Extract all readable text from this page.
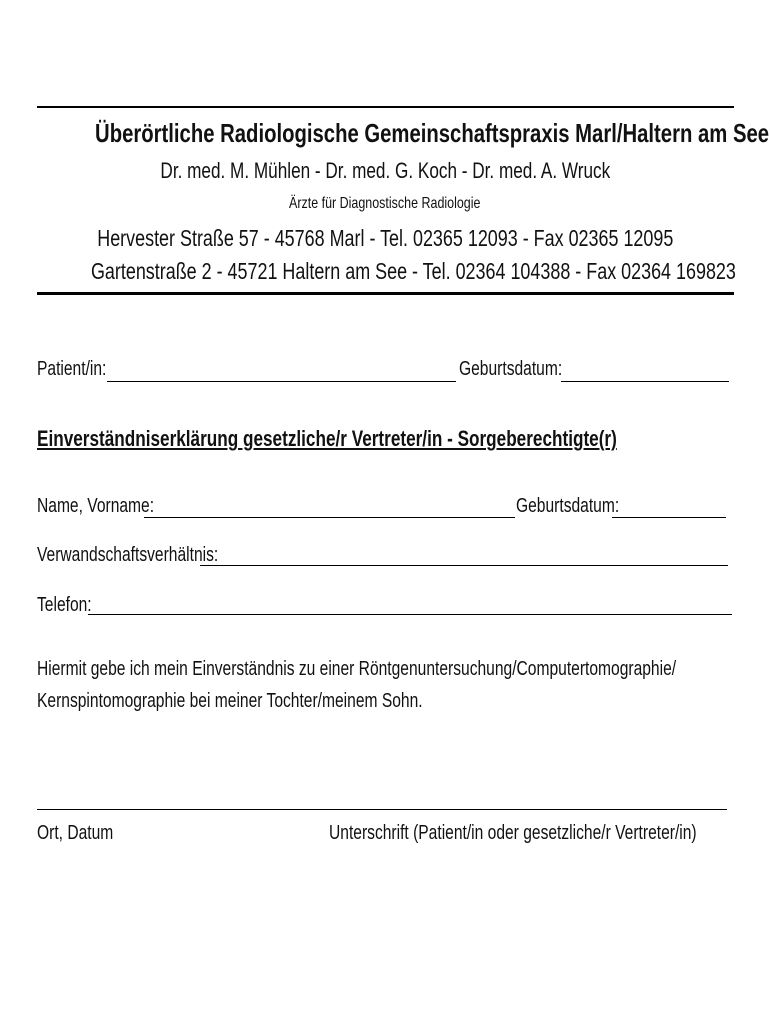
Überörtliche Radiologische Gemeinschaftspraxis Marl/Haltern am See
Dr. med. M. Mühlen - Dr. med. G. Koch - Dr. med. A. Wruck
Ärzte für Diagnostische Radiologie
Hervester Straße 57 - 45768 Marl - Tel. 02365 12093 - Fax 02365 12095
Gartenstraße 2 - 45721 Haltern am See - Tel. 02364 104388 - Fax 02364 169823
Patient/in:	Geburtsdatum:
Einverständniserklärung gesetzliche/r Vertreter/in - Sorgeberechtigte(r)
Name, Vorname:	Geburtsdatum:
Verwandschaftsverhältnis:
Telefon:
Hiermit gebe ich mein Einverständnis zu einer Röntgenuntersuchung/Computertomographie/
Kernspintomographie bei meiner Tochter/meinem Sohn.
Ort, Datum	Unterschrift (Patient/in oder gesetzliche/r Vertreter/in)
